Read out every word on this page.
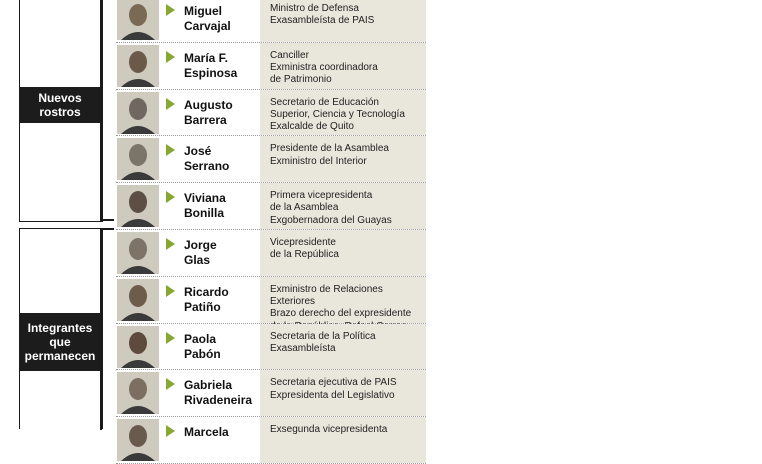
Nuevos
rostros
Integrantes
que
permanecen
Miguel
Carvajal
Ministro de Defensa
Exasambleísta de PAIS
María F.
Espinosa
Canciller
Exministra coordinadora
de Patrimonio
Augusto
Barrera
Secretario de Educación
Superior, Ciencia y Tecnología
Exalcalde de Quito
José
Serrano
Presidente de la Asamblea
Exministro del Interior
Viviana
Bonilla
Primera vicepresidenta
de la Asamblea
Exgobernadora del Guayas
Jorge
Glas
Vicepresidente
de la República
Ricardo
Patiño
Exministro de Relaciones Exteriores
Brazo derecho del expresidente

Paola
Pabón
Secretaria de la Política
Exasambleísta
Gabriela
Rivadeneira
Secretaria ejecutiva de PAIS
Expresidenta del Legislativo
Marcela	Exsegunda vicepresidenta
